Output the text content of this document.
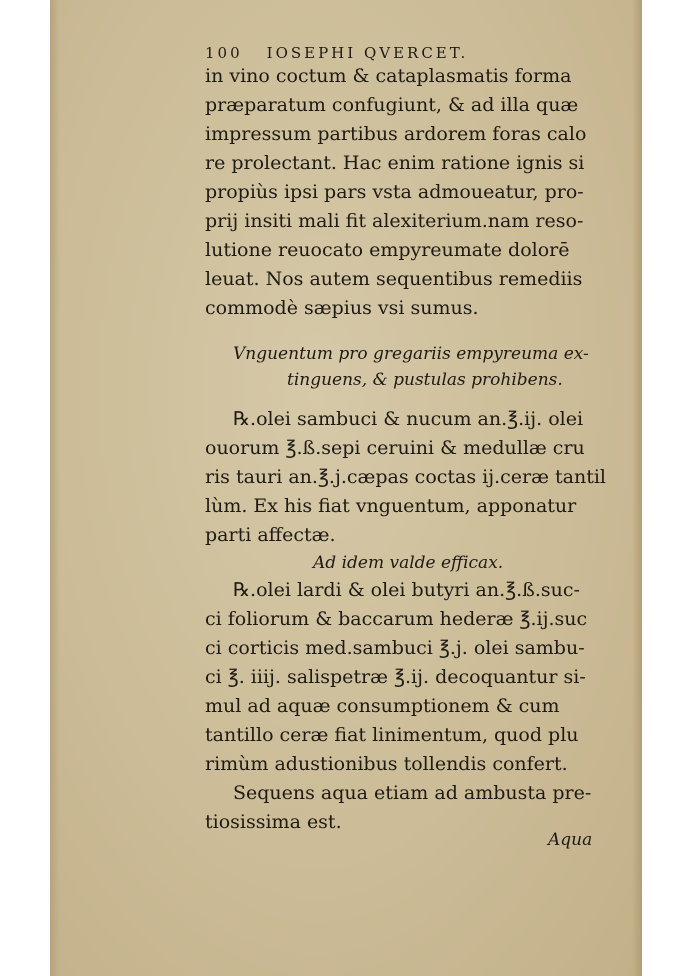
100 IOSEPHI QVERCET.
in vino coctum & cataplasmatis forma
præparatum confugiunt, & ad illa quæ
impressum partibus ardorem foras calo
re prolectant. Hac enim ratione ignis si
propiùs ipsi pars vsta admoueatur, pro-
prij insiti mali fit alexiterium.nam reso-
lutione reuocato empyreumate dolorē
leuat. Nos autem sequentibus remediis
commodè sæpius vsi sumus.
Vnguentum pro gregariis empyreuma ex-
tinguens, & pustulas prohibens.
℞.olei sambuci & nucum an.℥.ij. olei
ouorum ℥.ß.sepi ceruini & medullæ cru
ris tauri an.℥.j.cæpas coctas ij.ceræ tantil
lùm. Ex his fiat vnguentum, apponatur
parti affectæ.
Ad idem valde efficax.
℞.olei lardi & olei butyri an.℥.ß.suc-
ci foliorum & baccarum hederæ ℥.ij.suc
ci corticis med.sambuci ℥.j. olei sambu-
ci ℥. iiij. salispetræ ℥.ij. decoquantur si-
mul ad aquæ consumptionem & cum
tantillo ceræ fiat linimentum, quod plu
rimùm adustionibus tollendis confert.
Sequens aqua etiam ad ambusta pre-
tiosissima est.
Aqua
